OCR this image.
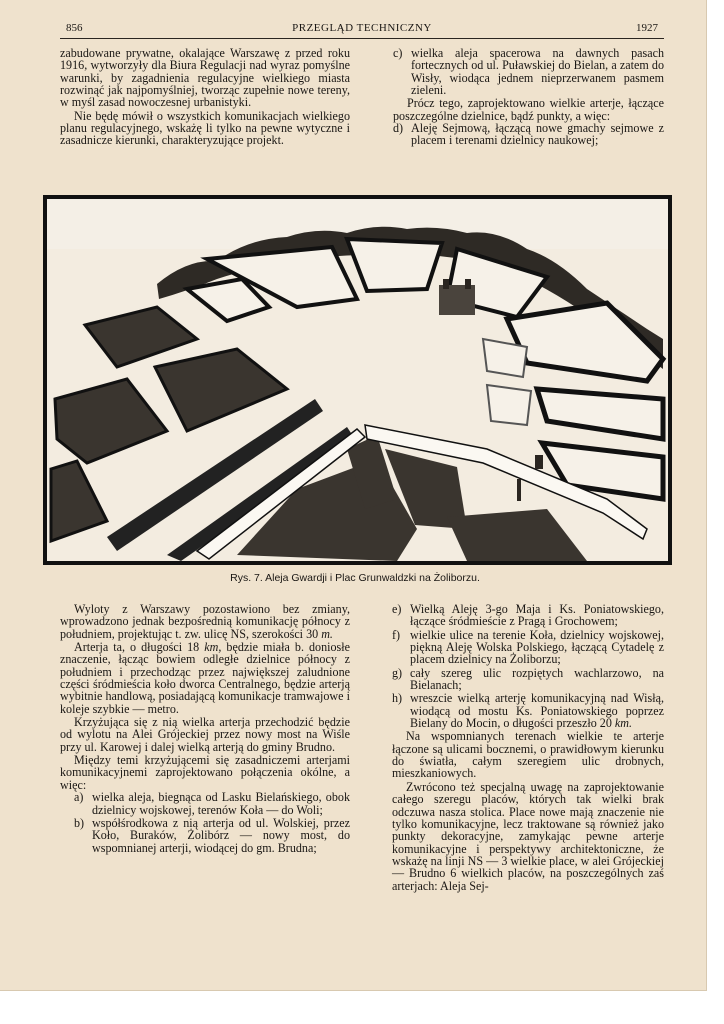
856	PRZEGLĄD TECHNICZNY	1927

zabudowane prywatne, okalające Warszawę z przed roku 1916, wytworzyły dla Biura Regulacji nad wyraz pomyślne warunki, by zagadnienia regulacyjne wielkiego miasta rozwinąć jak najpomyślniej, tworząc zupełnie nowe tereny, w myśl zasad nowoczesnej urbanistyki.

Nie będę mówił o wszystkich komunikacjach wielkiego planu regulacyjnego, wskażę li tylko na pewne wytyczne i zasadnicze kierunki, charakteryzujące projekt.

c) wielka aleja spacerowa na dawnych pasach fortecznych od ul. Puławskiej do Bielan, a zatem do Wisły, wiodąca jednem nieprzerwanem pasmem zieleni.

Prócz tego, zaprojektowano wielkie arterje, łączące poszczególne dzielnice, bądź punkty, a więc:

d) Aleję Sejmową, łączącą nowe gmachy sejmowe z placem i terenami dzielnicy naukowej;
Rys. 7. Aleja Gwardji i Plac Grunwaldzki na Żoliborzu.

Wyloty z Warszawy pozostawiono bez zmiany, wprowadzono jednak bezpośrednią komunikację północy z południem, projektując t. zw. ulicę NS, szerokości 30 m.

Arterja ta, o długości 18 km, będzie miała b. doniosłe znaczenie, łącząc bowiem odległe dzielnice północy z południem i przechodząc przez największej zaludnione części śródmieścia koło dworca Centralnego, będzie arterją wybitnie handlową, posiadającą komunikacje tramwajowe i koleje szybkie — metro.

Krzyżująca się z nią wielka arterja przechodzić będzie od wylotu na Alei Grójeckiej przez nowy most na Wiśle przy ul. Karowej i dalej wielką arterją do gminy Brudno.

Między temi krzyżującemi się zasadniczemi arterjami komunikacyjnemi zaprojektowano połączenia okólne, a więc:

a) wielka aleja, biegnąca od Lasku Bielańskiego, obok dzielnicy wojskowej, terenów Koła — do Woli;
b) współśrodkowa z nią arterja od ul. Wolskiej, przez Koło, Buraków, Żolibórz — nowy most, do wspomnianej arterji, wiodącej do gm. Brudna;
e) Wielką Aleję 3-go Maja i Ks. Poniatowskiego, łączące śródmieście z Pragą i Grochowem;
f) wielkie ulice na terenie Koła, dzielnicy wojskowej, piękną Aleję Wolska Polskiego, łączącą Cytadelę z placem dzielnicy na Żoliborzu;
g) cały szereg ulic rozpiętych wachlarzowo, na Bielanach;
h) wreszcie wielką arterję komunikacyjną nad Wisłą, wiodącą od mostu Ks. Poniatowskiego poprzez Bielany do Mocin, o długości przeszło 20 km.

Na wspomnianych terenach wielkie te arterje łączone są ulicami bocznemi, o prawidłowym kierunku do światła, całym szeregiem ulic drobnych, mieszkaniowych.

Zwrócono też specjalną uwagę na zaprojektowanie całego szeregu placów, których tak wielki brak odczuwa nasza stolica. Place nowe mają znaczenie nie tylko komunikacyjne, lecz traktowane są również jako punkty dekoracyjne, zamykając pewne arterje komunikacyjne i perspektywy architektoniczne, że wskażę na linji NS — 3 wielkie place, w alei Grójeckiej — Brudno 6 wielkich placów, na poszczególnych zaś arterjach: Aleja Sej-
